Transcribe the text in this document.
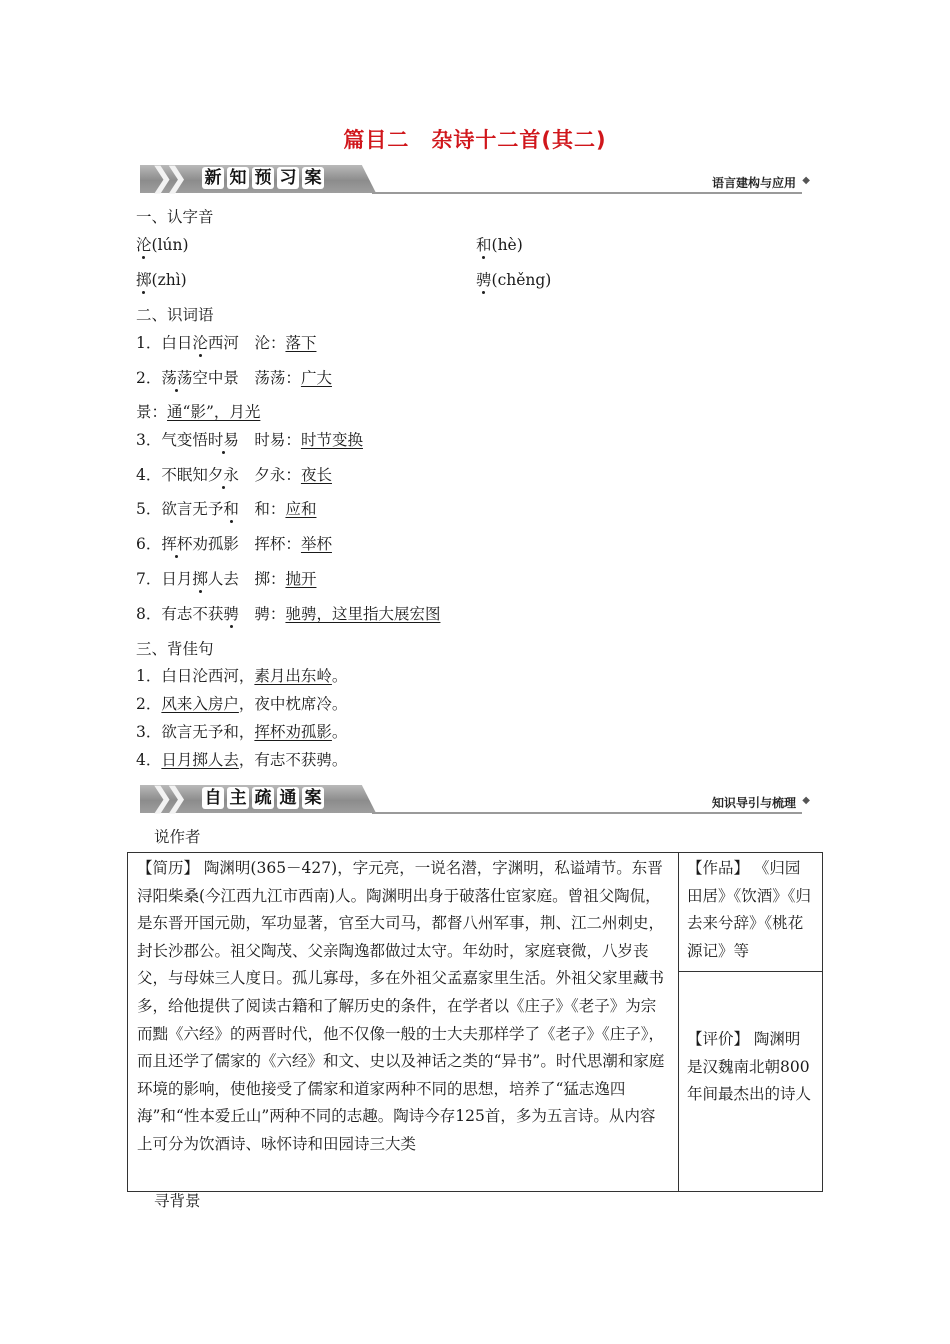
篇目二　杂诗十二首(其二)
❯❯ 新 知 预 习 案	语言建构与应用 ◆
一、认字音
沦(lún)	和(hè)
掷(zhì)	骋(chěng)
二、识词语
1．白日沦西河　 沦：落下
2．荡荡空中景　 荡荡：广大
景：通“影”，月光
3．气变悟时易　 时易：时节变换
4．不眠知夕永　 夕永：夜长
5．欲言无予和　 和：应和
6．挥杯劝孤影　 挥杯：举杯
7．日月掷人去　 掷：抛开
8．有志不获骋　 骋：驰骋，这里指大展宏图
三、背佳句
1．白日沦西河，素月出东岭。
2．风来入房户，夜中枕席冷。
3．欲言无予和，挥杯劝孤影。
4．日月掷人去，有志不获骋。
❯❯ 自 主 疏 通 案	知识导引与梳理 ◆
说作者
【简历】 陶渊明(365－427)，字元亮，一说名潜，字渊明，私谥靖节。东晋浔阳柴桑(今江西九江市西南)人。陶渊明出身于破落仕宦家庭。曾祖父陶侃，是东晋开国元勋，军功显著，官至大司马，都督八州军事，荆、江二州刺史，封长沙郡公。祖父陶茂、父亲陶逸都做过太守。年幼时，家庭衰微，八岁丧父，与母妹三人度日。孤儿寡母，多在外祖父孟嘉家里生活。外祖父家里藏书多，给他提供了阅读古籍和了解历史的条件，在学者以《庄子》《老子》为宗而黜《六经》的两晋时代，他不仅像一般的士大夫那样学了《老子》《庄子》，而且还学了儒家的《六经》和文、史以及神话之类的“异书”。时代思潮和家庭环境的影响，使他接受了儒家和道家两种不同的思想，培养了“猛志逸四海”和“性本爱丘山”两种不同的志趣。陶诗今存125首，多为五言诗。从内容上可分为饮酒诗、咏怀诗和田园诗三大类	【作品】 《归园田居》《饮酒》《归去来兮辞》《桃花源记》等
【评价】 陶渊明是汉魏南北朝800年间最杰出的诗人
寻背景
